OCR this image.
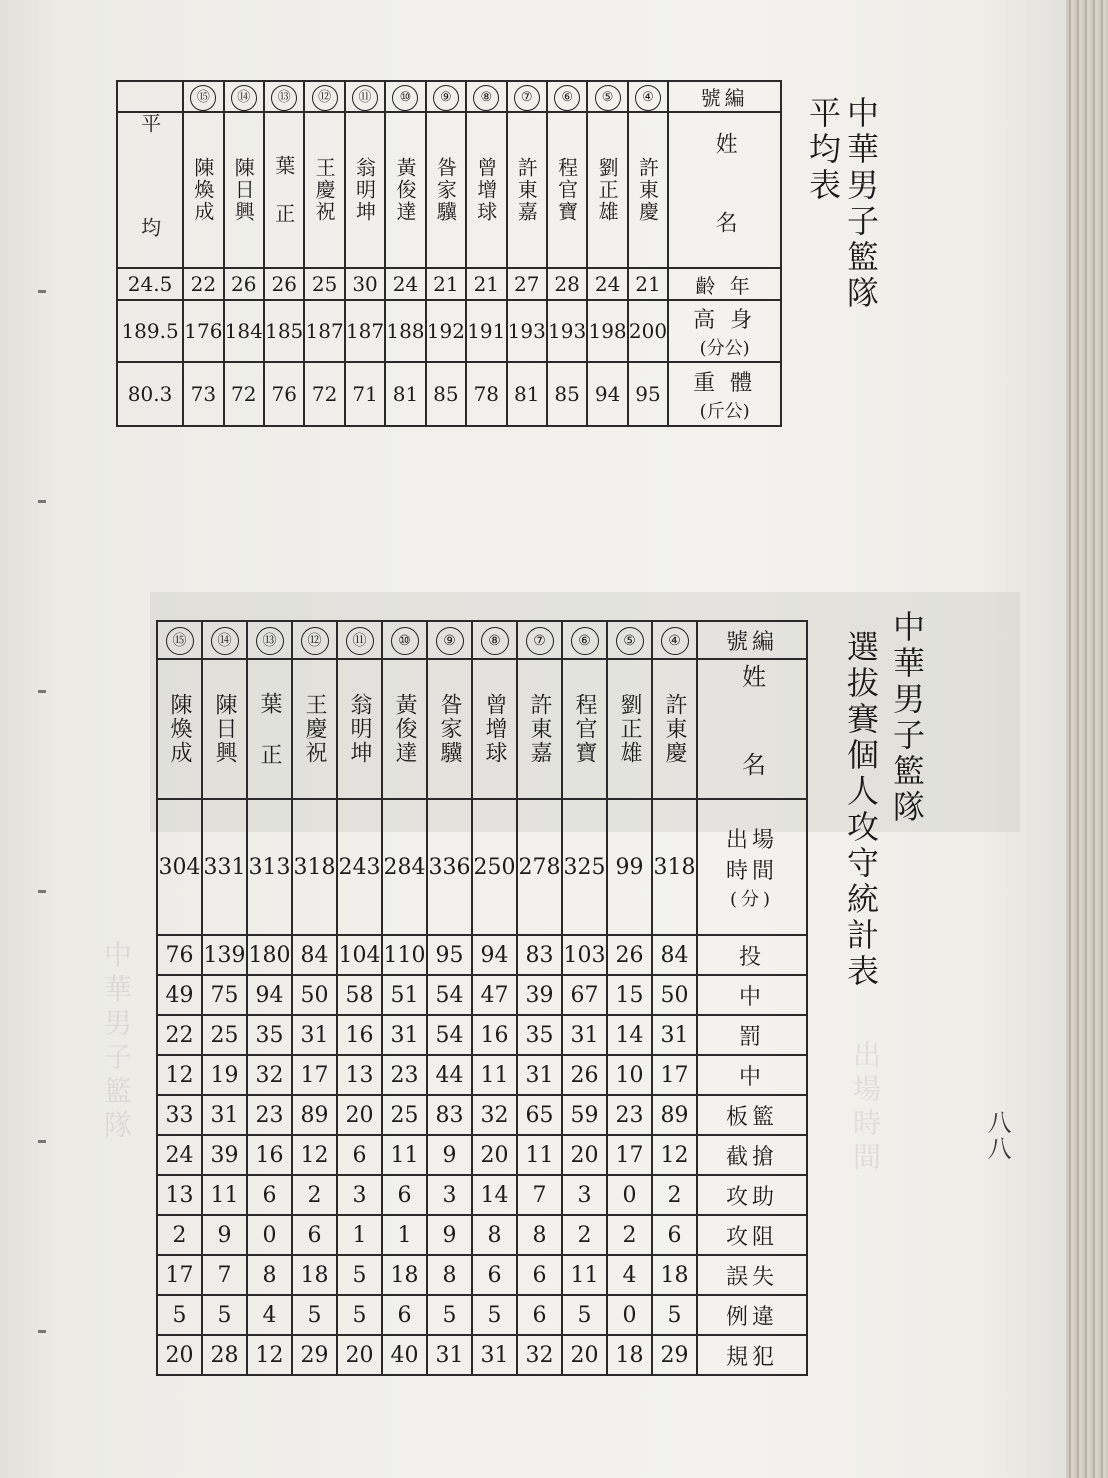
中華男子籃隊
平均表
	⑮	⑭	⑬	⑫	⑪	⑩	⑨	⑧	⑦	⑥	⑤	④	號編

平 均	陳煥成	陳日興	葉 正	王慶祝	翁明坤	黃俊達	昝家驥	曾增球	許東嘉	程官寶	劉正雄	許東慶	姓 名

24.5	22	26	26	25	30	24	21	21	27	28	24	21	齡 年
189.5	176	184	185	187	187	188	192	191	193	193	198	200	高 身
(分公)

80.3	73	72	76	72	71	81	85	78	81	85	94	95	重 體
(斤公)
中華男子籃隊
選拔賽個人攻守統計表
⑮	⑭	⑬	⑫	⑪	⑩	⑨	⑧	⑦	⑥	⑤	④	號編

陳煥成	陳日興	葉 正	王慶祝	翁明坤	黃俊達	昝家驥	曾增球	許東嘉	程官寶	劉正雄	許東慶	姓 名

304	331	313	318	243	284	336	250	278	325	99	318	出場
時間
(分)

76	139	180	84	104	110	95	94	83	103	26	84	投
49	75	94	50	58	51	54	47	39	67	15	50	中
22	25	35	31	16	31	54	16	35	31	14	31	罰
12	19	32	17	13	23	44	11	31	26	10	17	中
33	31	23	89	20	25	83	32	65	59	23	89	板籃
24	39	16	12	6	11	9	20	11	20	17	12	截搶
13	11	6	2	3	6	3	14	7	3	0	2	攻助
2	9	0	6	1	1	9	8	8	2	2	6	攻阻
17	7	8	18	5	18	8	6	6	11	4	18	誤失
5	5	4	5	5	6	5	5	6	5	0	5	例違
20	28	12	29	20	40	31	31	32	20	18	29	規犯
中華男子籃隊	出場時間	八八
